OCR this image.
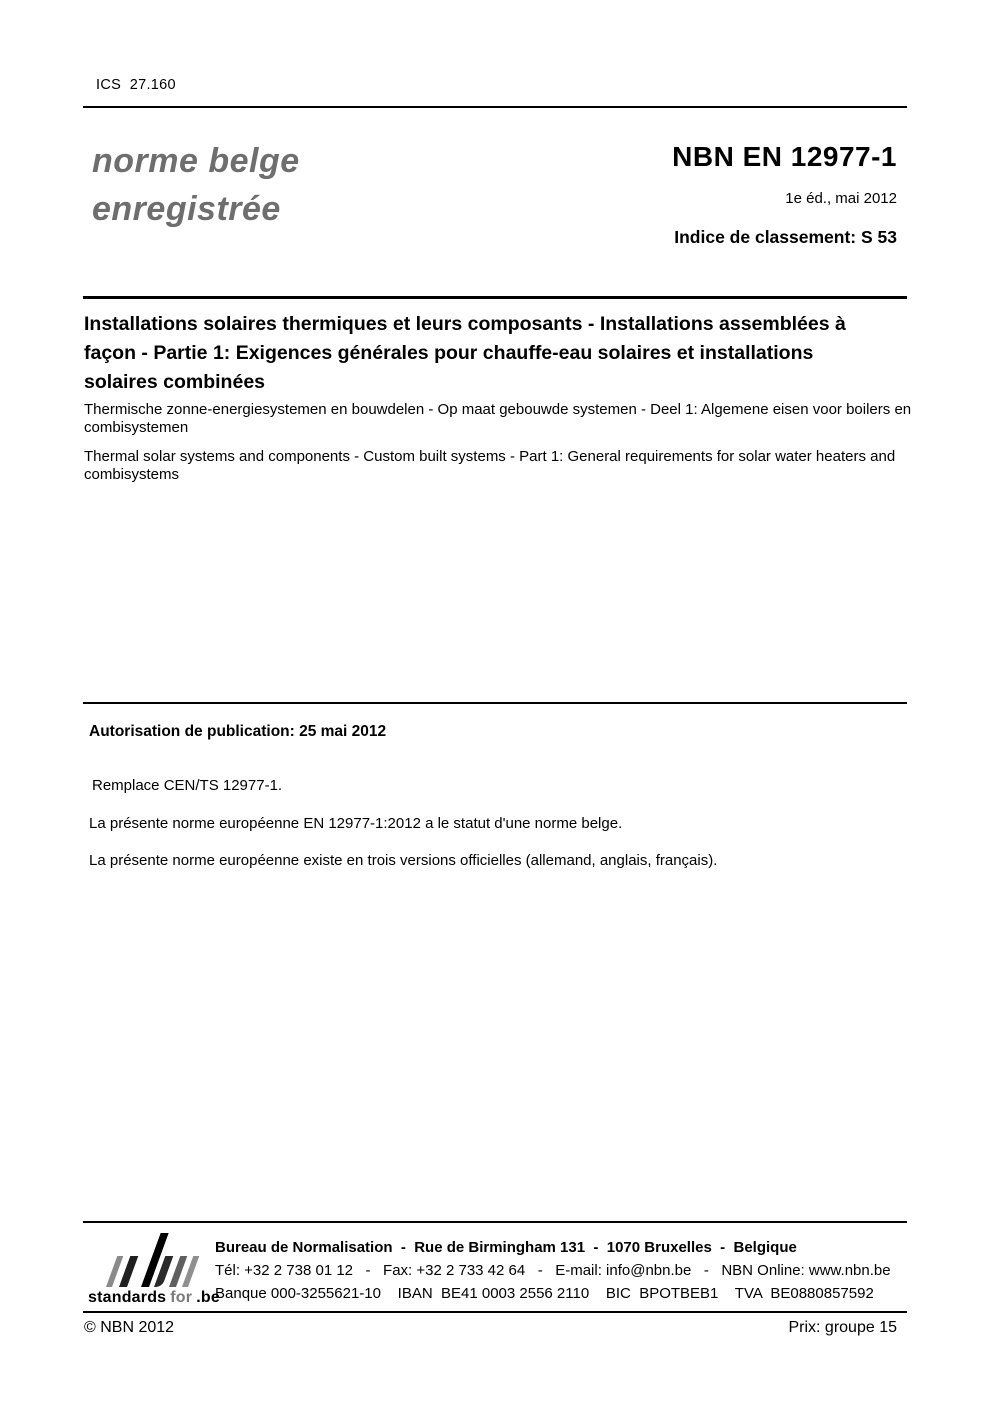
ICS  27.160
norme belge
enregistrée
NBN EN 12977-1
1e éd., mai 2012
Indice de classement: S 53
Installations solaires thermiques et leurs composants - Installations assemblées à façon - Partie 1: Exigences générales pour chauffe-eau solaires et installations solaires combinées
Thermische zonne-energiesystemen en bouwdelen - Op maat gebouwde systemen - Deel 1: Algemene eisen voor boilers en combisystemen
Thermal solar systems and components - Custom built systems - Part 1: General requirements for solar water heaters and combisystems
Autorisation de publication: 25 mai 2012
Remplace CEN/TS 12977-1.
La présente norme européenne EN 12977-1:2012 a le statut d'une norme belge.
La présente norme européenne existe en trois versions officielles (allemand, anglais, français).
standards for .be
Bureau de Normalisation  -  Rue de Birmingham 131  -  1070 Bruxelles  -  Belgique
Tél: +32 2 738 01 12   -   Fax: +32 2 733 42 64   -   E-mail: info@nbn.be   -   NBN Online: www.nbn.be
Banque 000-3255621-10    IBAN  BE41 0003 2556 2110    BIC  BPOTBEB1    TVA  BE0880857592
© NBN 2012	Prix: groupe 15
